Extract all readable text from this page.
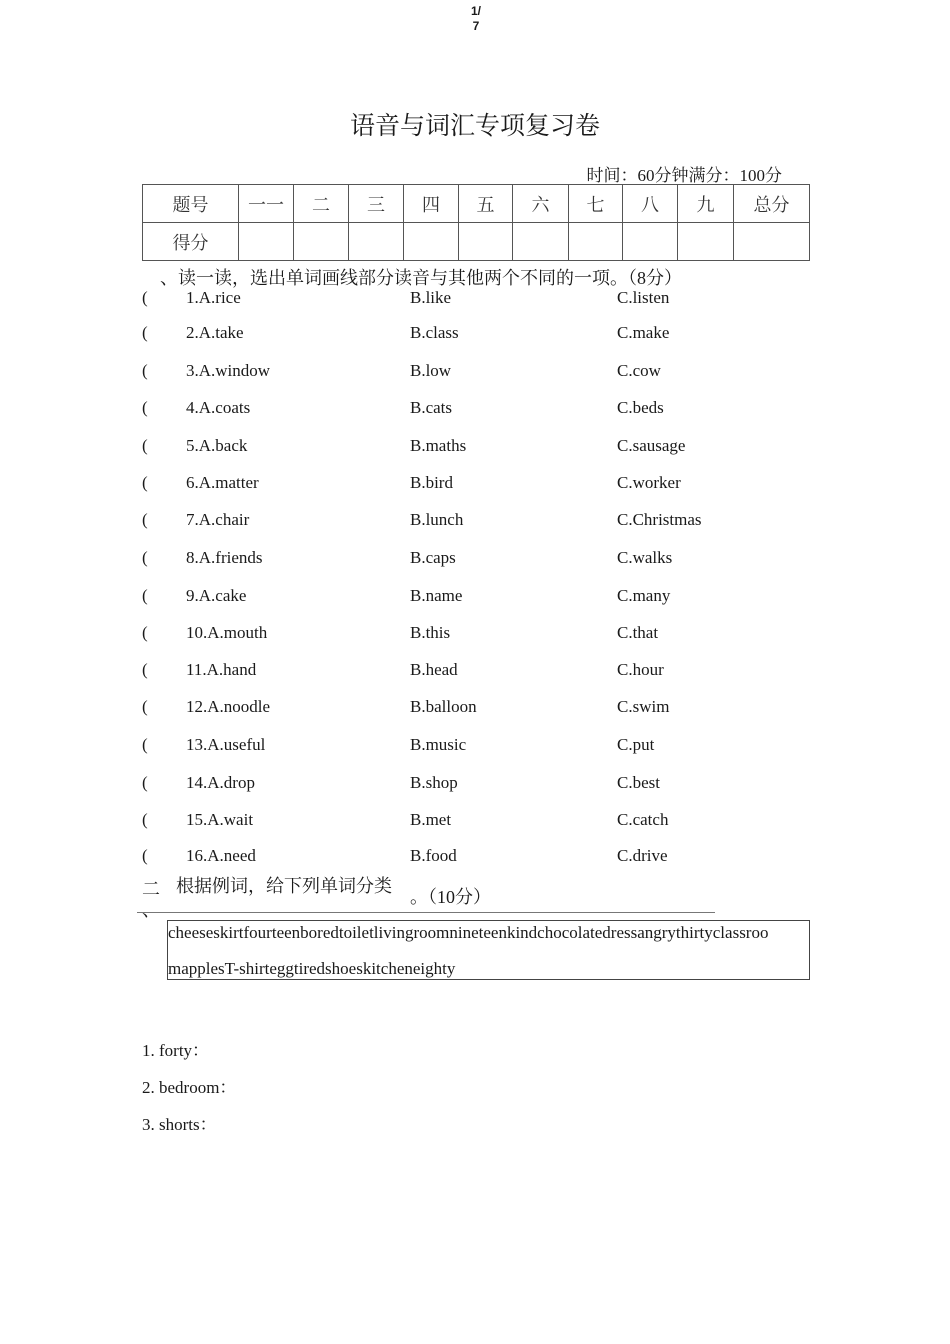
1/
7
语音与词汇专项复习卷
时间：60分钟满分：100分
题号	一一	二	三	四	五	六	七	八	九	总分
得分										
、读一读，选出单词画线部分读音与其他两个不同的一项。（8分）
( 1.A.rice	B.like	C.listen
( 2.A.take	B.class	C.make
( 3.A.window	B.low	C.cow
( 4.A.coats	B.cats	C.beds
( 5.A.back	B.maths	C.sausage
( 6.A.matter	B.bird	C.worker
( 7.A.chair	B.lunch	C.Christmas
( 8.A.friends	B.caps	C.walks
( 9.A.cake	B.name	C.many
( 10.A.mouth	B.this	C.that
( 11.A.hand	B.head	C.hour
( 12.A.noodle	B.balloon	C.swim
( 13.A.useful	B.music	C.put
( 14.A.drop	B.shop	C.best
( 15.A.wait	B.met	C.catch
( 16.A.need	B.food	C.drive
二
、
根据例词，给下列单词分类
。（10分）
cheeseskirtfourteenboredtoiletlivingroomnineteenkindchocolatedressangrythirtyclassroo
mapplesT-shirteggtiredshoeskitcheneighty
1. forty：
2. bedroom：
3. shorts：
